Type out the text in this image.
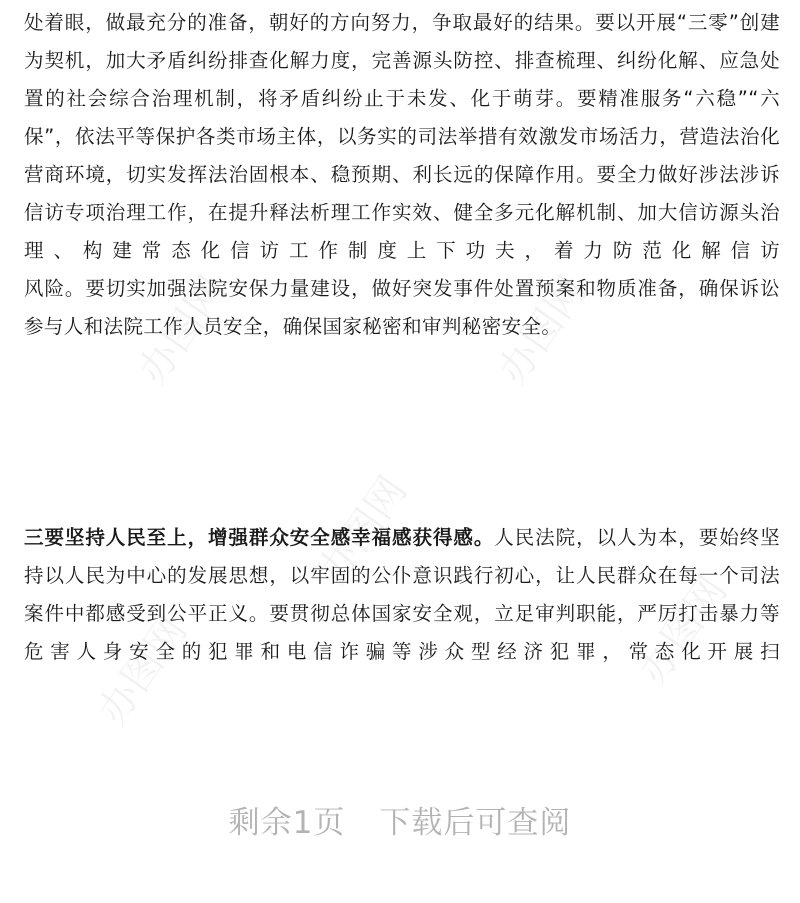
办图网	办图网
办图网
办图网	办图网

处着眼，做最充分的准备，朝好的方向努力，争取最好的结果。要以开展“三零”创建为契机，加大矛盾纠纷排查化解力度，完善源头防控、排查梳理、纠纷化解、应急处置的社会综合治理机制，将矛盾纠纷止于未发、化于萌芽。要精准服务“六稳”“六保”，依法平等保护各类市场主体，以务实的司法举措有效激发市场活力，营造法治化营商环境，切实发挥法治固根本、稳预期、利长远的保障作用。要全力做好涉法涉诉信访专项治理工作，在提升释法析理工作实效、健全多元化解机制、加大信访源头治理、构建常态化信访工作制度上下功夫，着力防范化解信访
风险。要切实加强法院安保力量建设，做好突发事件处置预案和物质准备，确保诉讼参与人和法院工作人员安全，确保国家秘密和审判秘密安全。

三要坚持人民至上，增强群众安全感幸福感获得感。人民法院，以人为本，要始终坚持以人民为中心的发展思想，以牢固的公仆意识践行初心，让人民群众在每一个司法案件中都感受到公平正义。要贯彻总体国家安全观，立足审判职能，严厉打击暴力等危害人身安全的犯罪和电信诈骗等涉众型经济犯罪，常态化开展扫

剩余1页 下载后可查阅
